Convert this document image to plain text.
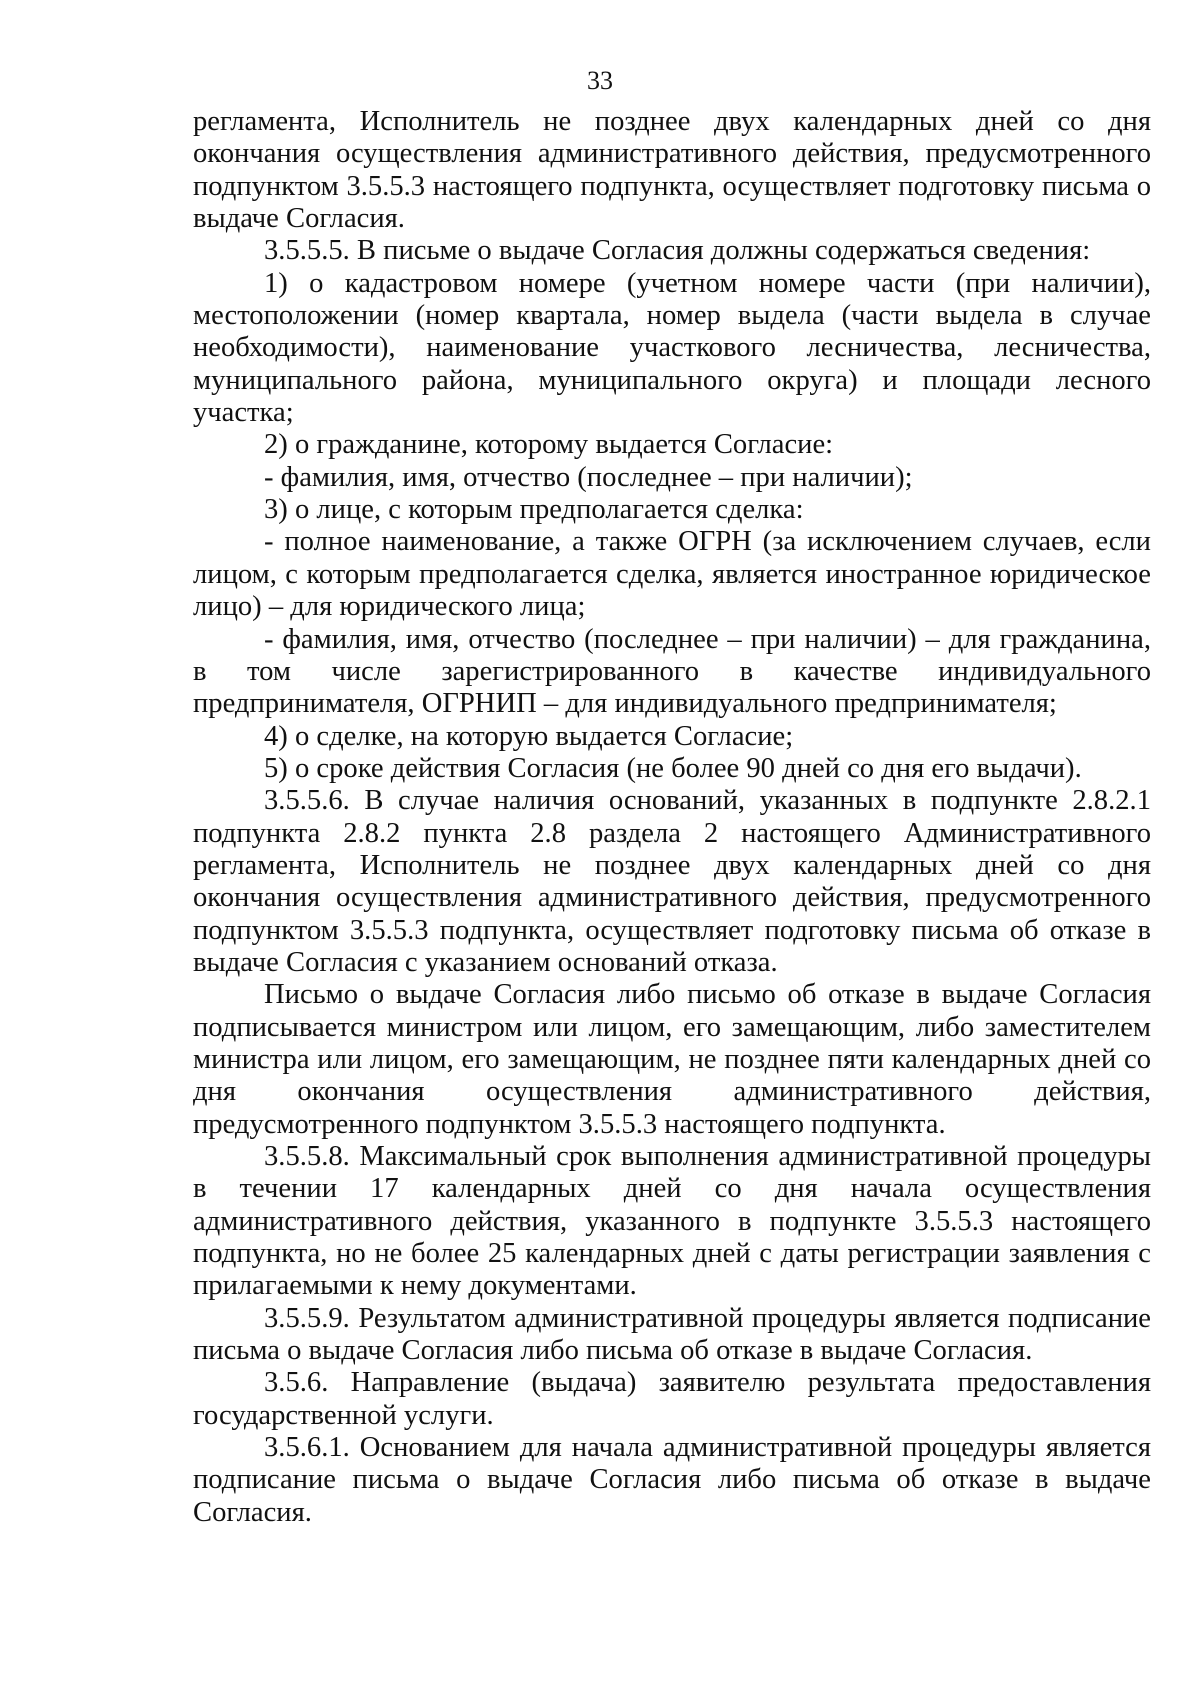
33

регламента, Исполнитель не позднее двух календарных дней со дня окончания осуществления административного действия, предусмотренного подпунктом 3.5.5.3 настоящего подпункта, осуществляет подготовку письма о выдаче Согласия.

3.5.5.5. В письме о выдаче Согласия должны содержаться сведения:

1) о кадастровом номере (учетном номере части (при наличии), местоположении (номер квартала, номер выдела (части выдела в случае необходимости), наименование участкового лесничества, лесничества, муниципального района, муниципального округа) и площади лесного участка;

2) о гражданине, которому выдается Согласие:

- фамилия, имя, отчество (последнее – при наличии);

3) о лице, с которым предполагается сделка:

- полное наименование, а также ОГРН (за исключением случаев, если лицом, с которым предполагается сделка, является иностранное юридическое лицо) – для юридического лица;

- фамилия, имя, отчество (последнее – при наличии) – для гражданина, в том числе зарегистрированного в качестве индивидуального предпринимателя, ОГРНИП – для индивидуального предпринимателя;

4) о сделке, на которую выдается Согласие;

5) о сроке действия Согласия (не более 90 дней со дня его выдачи).

3.5.5.6. В случае наличия оснований, указанных в подпункте 2.8.2.1 подпункта 2.8.2 пункта 2.8 раздела 2 настоящего Административного регламента, Исполнитель не позднее двух календарных дней со дня окончания осуществления административного действия, предусмотренного подпунктом 3.5.5.3 подпункта, осуществляет подготовку письма об отказе в выдаче Согласия с указанием оснований отказа.

Письмо о выдаче Согласия либо письмо об отказе в выдаче Согласия подписывается министром или лицом, его замещающим, либо заместителем министра или лицом, его замещающим, не позднее пяти календарных дней со дня окончания осуществления административного действия, предусмотренного подпунктом 3.5.5.3 настоящего подпункта.

3.5.5.8. Максимальный срок выполнения административной процедуры в течении 17 календарных дней со дня начала осуществления административного действия, указанного в подпункте 3.5.5.3 настоящего подпункта, но не более 25 календарных дней с даты регистрации заявления с прилагаемыми к нему документами.

3.5.5.9. Результатом административной процедуры является подписание письма о выдаче Согласия либо письма об отказе в выдаче Согласия.

3.5.6. Направление (выдача) заявителю результата предоставления государственной услуги.

3.5.6.1. Основанием для начала административной процедуры является подписание письма о выдаче Согласия либо письма об отказе в выдаче Согласия.
